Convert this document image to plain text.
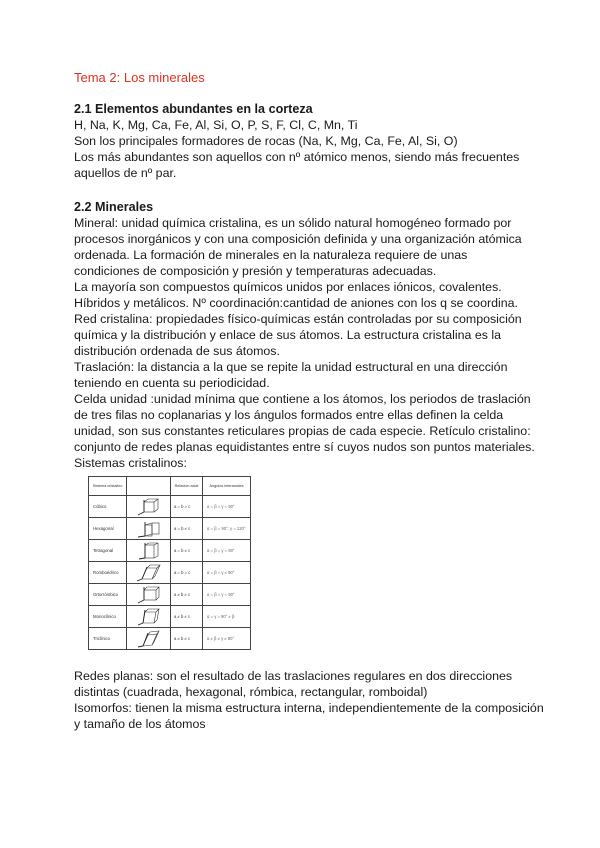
Tema 2: Los minerales
2.1 Elementos abundantes en la corteza

H, Na, K, Mg, Ca, Fe, Al, Si, O, P, S, F, Cl, C, Mn, Ti

Son los principales formadores de rocas (Na, K, Mg, Ca, Fe, Al, Si, O)

Los más abundantes son aquellos con nº atómico menos, siendo más frecuentes aquellos de nº par.

2.2 Minerales

Mineral: unidad química cristalina, es un sólido natural homogéneo formado por procesos inorgánicos y con una composición definida y una organización atómica ordenada. La formación de minerales en la naturaleza requiere de unas condiciones de composición y presión y temperaturas adecuadas.

La mayoría son compuestos químicos unidos por enlaces iónicos, covalentes. Híbridos y metálicos. Nº coordinación:cantidad de aniones con los q se coordina.

Red cristalina: propiedades físico-químicas están controladas por su composición química y la distribución y enlace de sus átomos. La estructura cristalina es la distribución ordenada de sus átomos.

Traslación: la distancia a la que se repite la unidad estructural en una dirección teniendo en cuenta su periodicidad.

Celda unidad :unidad mínima que contiene a los átomos, los periodos de traslación de tres filas no coplanarias y los ángulos formados entre ellas definen la celda unidad, son sus constantes reticulares propias de cada especie. Retículo cristalino: conjunto de redes planas equidistantes entre sí cuyos nudos son puntos materiales.

Sistemas cristalinos:

Sistema cristalino		Relación axial	Ángulos interaxiales
Cúbico		a = b = c	α = β = γ = 90°
Hexagonal		a = b ≠ c	α = β = 90°; γ = 120°
Tetragonal		a = b ≠ c	α = β = γ = 90°
Romboédrico		a = b = c	α = β = γ ≠ 90°
Ortorrómbico		a ≠ b ≠ c	α = β = γ = 90°
Monoclínico		a ≠ b ≠ c	α = γ = 90° ≠ β
Triclínico		a ≠ b ≠ c	α ≠ β ≠ γ ≠ 90°

Redes planas: son el resultado de las traslaciones regulares en dos direcciones distintas (cuadrada, hexagonal, rómbica, rectangular, romboidal)

Isomorfos: tienen la misma estructura interna, independientemente de la composición y tamaño de los átomos
